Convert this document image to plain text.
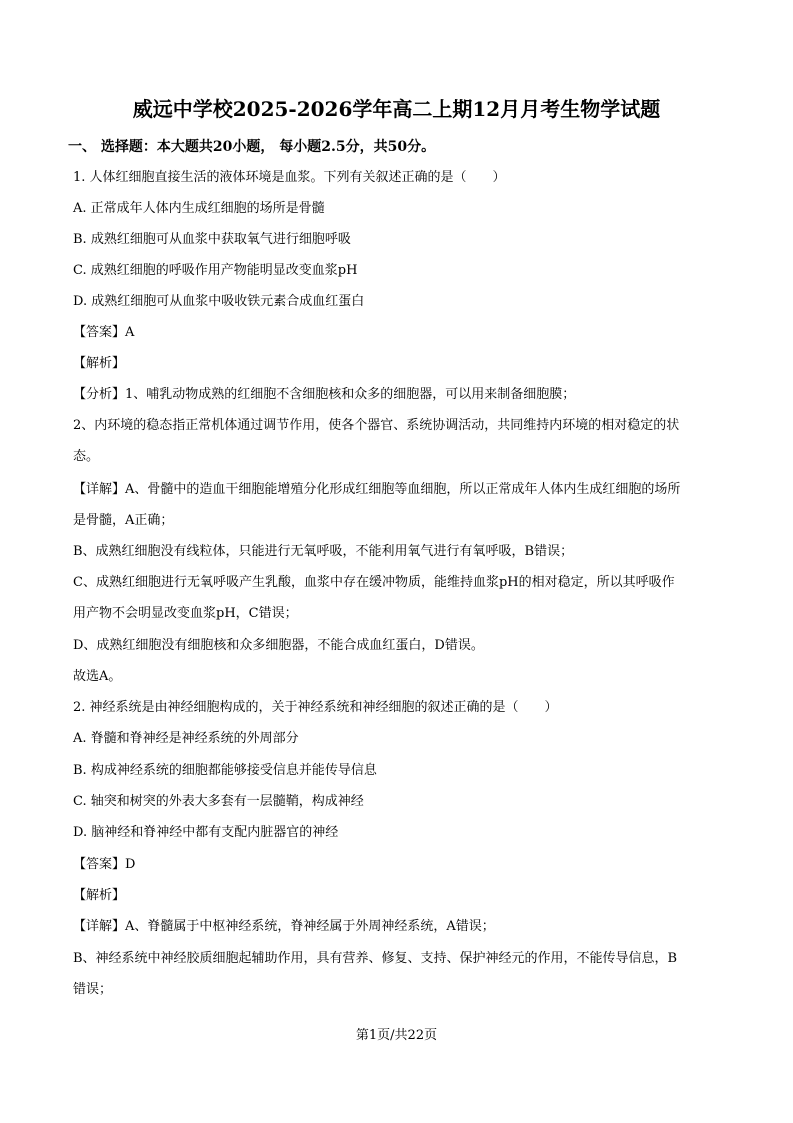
威远中学校2025-2026学年高二上期12月月考生物学试题
一、 选择题：本大题共20小题， 每小题2.5分，共50分。
1. 人体红细胞直接生活的液体环境是血浆。下列有关叙述正确的是（　　）
A. 正常成年人体内生成红细胞的场所是骨髓
B. 成熟红细胞可从血浆中获取氧气进行细胞呼吸
C. 成熟红细胞的呼吸作用产物能明显改变血浆pH
D. 成熟红细胞可从血浆中吸收铁元素合成血红蛋白
【答案】A
【解析】
【分析】1、哺乳动物成熟的红细胞不含细胞核和众多的细胞器，可以用来制备细胞膜；
2、内环境的稳态指正常机体通过调节作用，使各个器官、系统协调活动，共同维持内环境的相对稳定的状
态。
【详解】A、骨髓中的造血干细胞能增殖分化形成红细胞等血细胞，所以正常成年人体内生成红细胞的场所
是骨髓，A正确；
B、成熟红细胞没有线粒体，只能进行无氧呼吸，不能利用氧气进行有氧呼吸，B错误；
C、成熟红细胞进行无氧呼吸产生乳酸，血浆中存在缓冲物质，能维持血浆pH的相对稳定，所以其呼吸作
用产物不会明显改变血浆pH，C错误；
D、成熟红细胞没有细胞核和众多细胞器，不能合成血红蛋白，D错误。
故选A。
2. 神经系统是由神经细胞构成的，关于神经系统和神经细胞的叙述正确的是（　　）
A. 脊髓和脊神经是神经系统的外周部分
B. 构成神经系统的细胞都能够接受信息并能传导信息
C. 轴突和树突的外表大多套有一层髓鞘，构成神经
D. 脑神经和脊神经中都有支配内脏器官的神经
【答案】D
【解析】
【详解】A、脊髓属于中枢神经系统，脊神经属于外周神经系统，A错误；
B、神经系统中神经胶质细胞起辅助作用，具有营养、修复、支持、保护神经元的作用，不能传导信息，B
错误；
第1页/共22页
